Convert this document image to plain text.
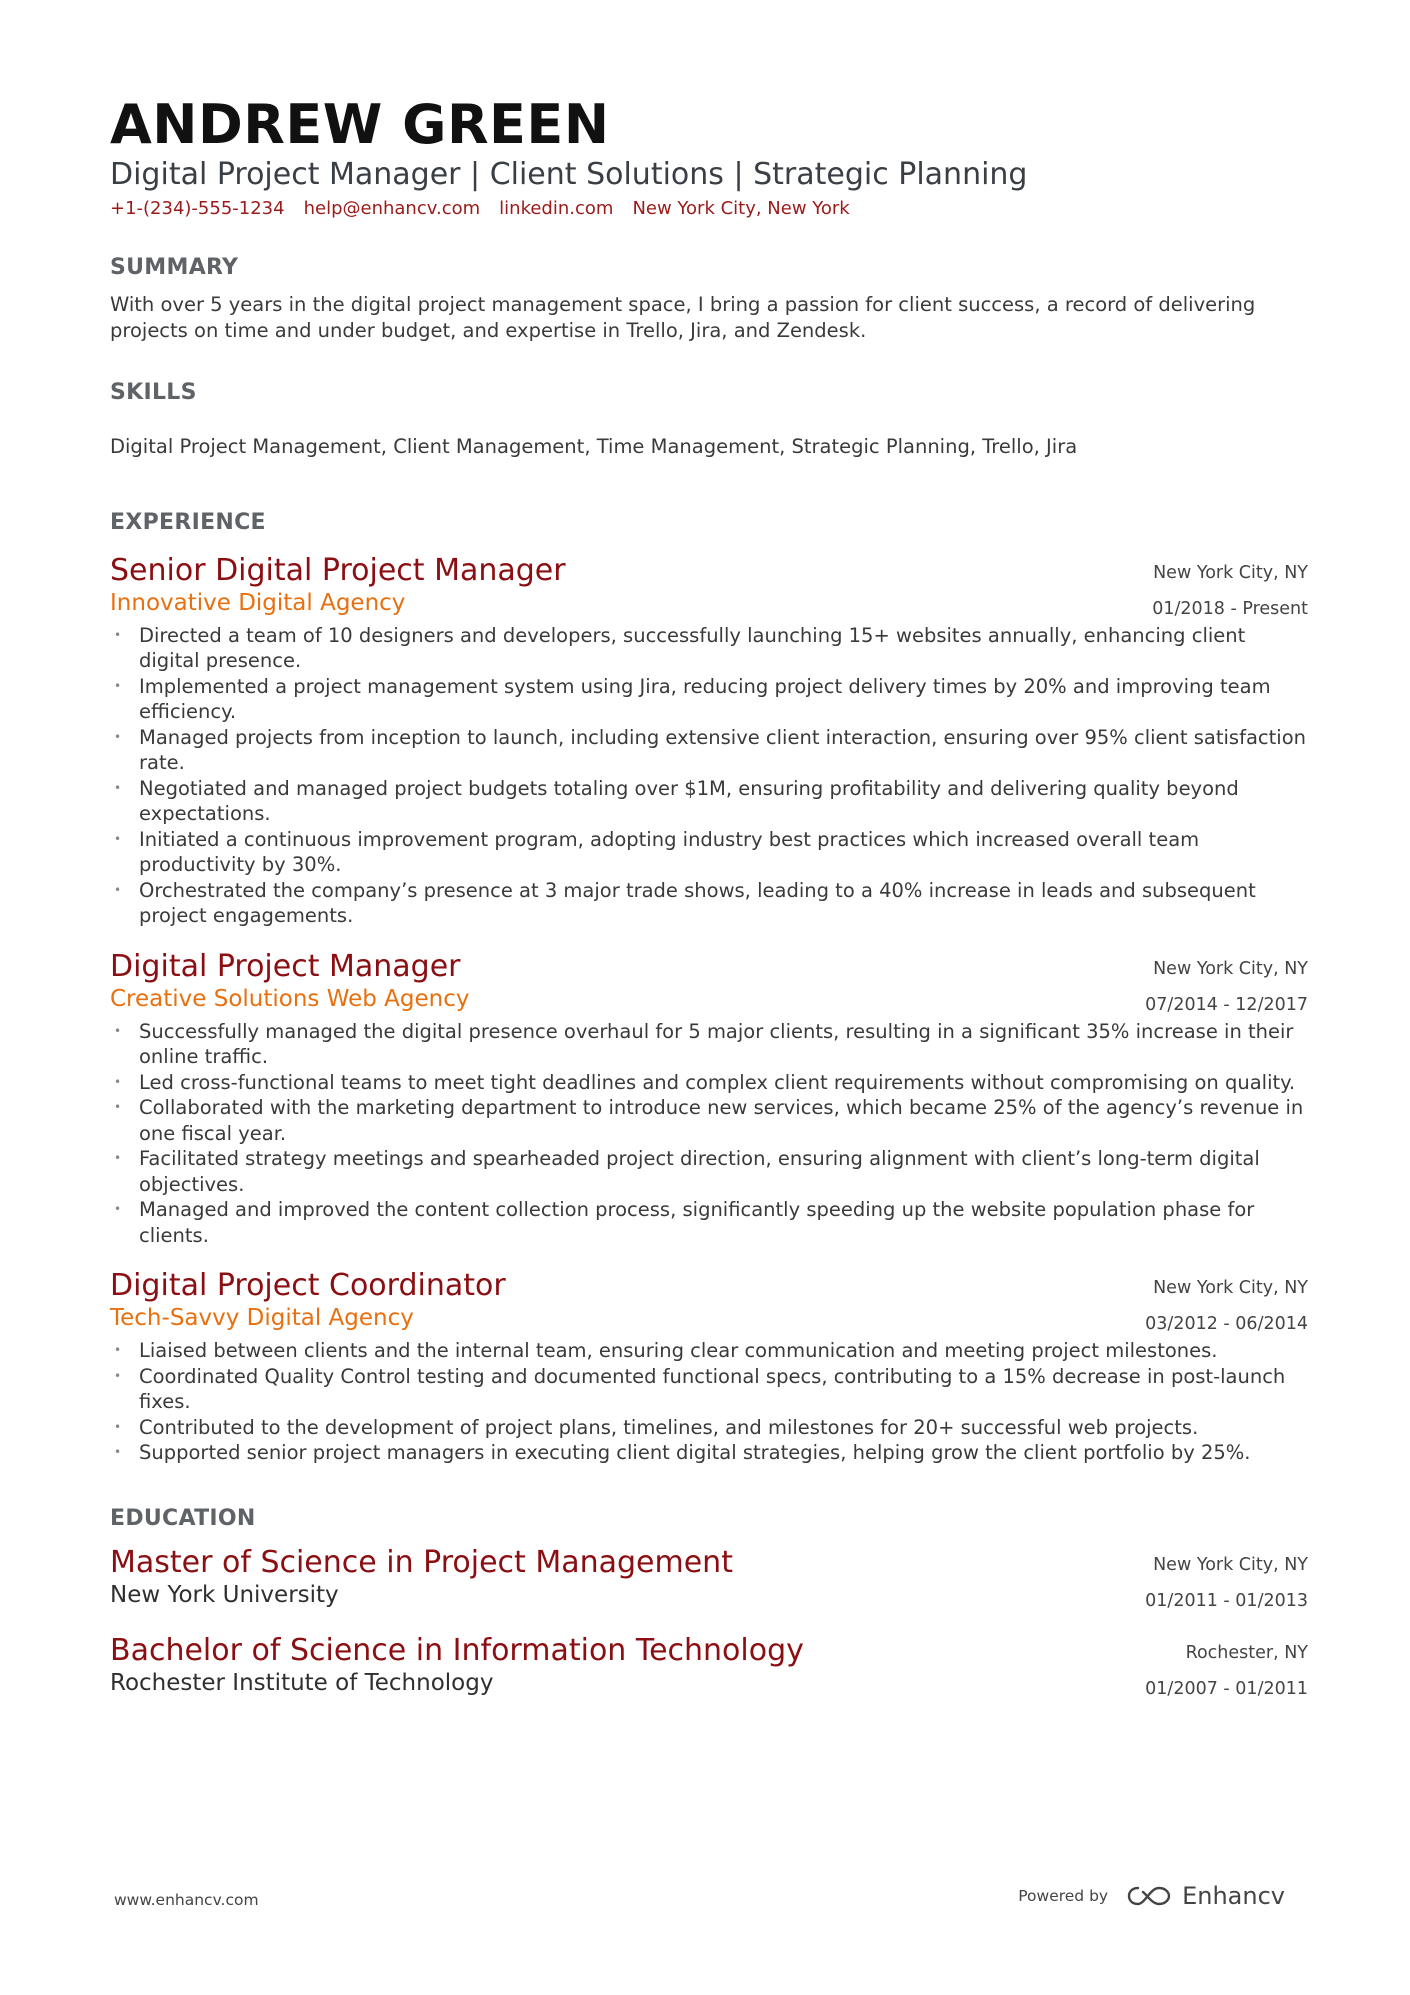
ANDREW GREEN
Digital Project Manager | Client Solutions | Strategic Planning
+1-(234)-555-1234 help@enhancv.com linkedin.com New York City, New York
SUMMARY
With over 5 years in the digital project management space, I bring a passion for client success, a record of delivering projects on time and under budget, and expertise in Trello, Jira, and Zendesk.
SKILLS
Digital Project Management, Client Management, Time Management, Strategic Planning, Trello, Jira
EXPERIENCE
Senior Digital Project Manager
Innovative Digital Agency
New York City, NY
01/2018 - Present
• Directed a team of 10 designers and developers, successfully launching 15+ websites annually, enhancing client digital presence.
• Implemented a project management system using Jira, reducing project delivery times by 20% and improving team efficiency.
• Managed projects from inception to launch, including extensive client interaction, ensuring over 95% client satisfaction rate.
• Negotiated and managed project budgets totaling over $1M, ensuring profitability and delivering quality beyond expectations.
• Initiated a continuous improvement program, adopting industry best practices which increased overall team productivity by 30%.
• Orchestrated the company’s presence at 3 major trade shows, leading to a 40% increase in leads and subsequent project engagements.
Digital Project Manager
Creative Solutions Web Agency
New York City, NY
07/2014 - 12/2017
• Successfully managed the digital presence overhaul for 5 major clients, resulting in a significant 35% increase in their online traffic.
• Led cross-functional teams to meet tight deadlines and complex client requirements without compromising on quality.
• Collaborated with the marketing department to introduce new services, which became 25% of the agency’s revenue in one fiscal year.
• Facilitated strategy meetings and spearheaded project direction, ensuring alignment with client’s long-term digital objectives.
• Managed and improved the content collection process, significantly speeding up the website population phase for clients.
Digital Project Coordinator
Tech-Savvy Digital Agency
New York City, NY
03/2012 - 06/2014
• Liaised between clients and the internal team, ensuring clear communication and meeting project milestones.
• Coordinated Quality Control testing and documented functional specs, contributing to a 15% decrease in post-launch fixes.
• Contributed to the development of project plans, timelines, and milestones for 20+ successful web projects.
• Supported senior project managers in executing client digital strategies, helping grow the client portfolio by 25%.
EDUCATION
Master of Science in Project Management
New York University
New York City, NY
01/2011 - 01/2013
Bachelor of Science in Information Technology
Rochester Institute of Technology
Rochester, NY
01/2007 - 01/2011
www.enhancv.com	Powered by	Enhancv
